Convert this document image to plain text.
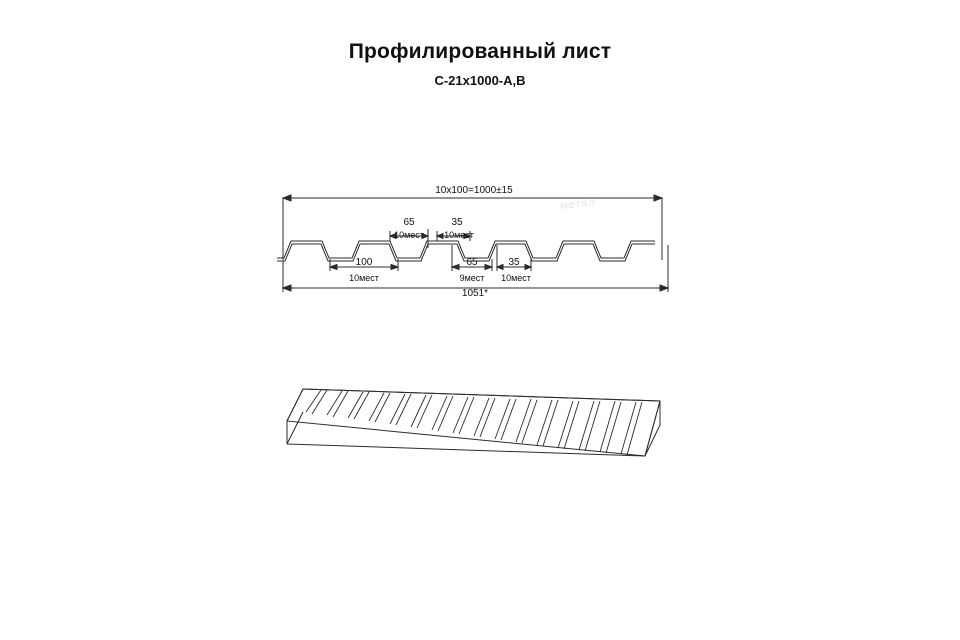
Профилированный лист
С-21х1000-А,В
метал
10х100=1000±15
65
10мест
35
10мест
100
10мест
65
9мест
35
10мест
1051*
